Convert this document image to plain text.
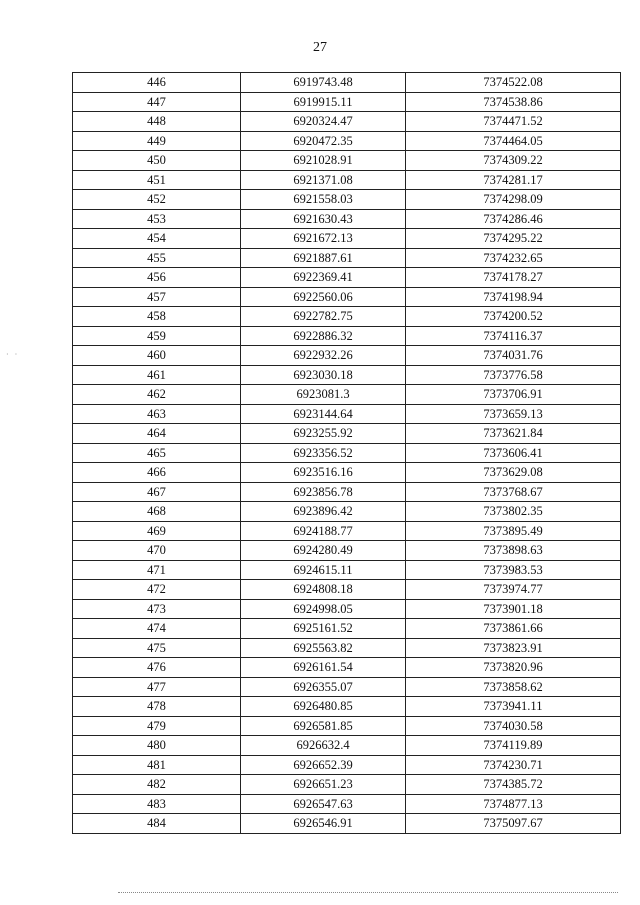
27
446	6919743.48	7374522.08
447	6919915.11	7374538.86
448	6920324.47	7374471.52
449	6920472.35	7374464.05
450	6921028.91	7374309.22
451	6921371.08	7374281.17
452	6921558.03	7374298.09
453	6921630.43	7374286.46
454	6921672.13	7374295.22
455	6921887.61	7374232.65
456	6922369.41	7374178.27
457	6922560.06	7374198.94
458	6922782.75	7374200.52
459	6922886.32	7374116.37
460	6922932.26	7374031.76
461	6923030.18	7373776.58
462	6923081.3	7373706.91
463	6923144.64	7373659.13
464	6923255.92	7373621.84
465	6923356.52	7373606.41
466	6923516.16	7373629.08
467	6923856.78	7373768.67
468	6923896.42	7373802.35
469	6924188.77	7373895.49
470	6924280.49	7373898.63
471	6924615.11	7373983.53
472	6924808.18	7373974.77
473	6924998.05	7373901.18
474	6925161.52	7373861.66
475	6925563.82	7373823.91
476	6926161.54	7373820.96
477	6926355.07	7373858.62
478	6926480.85	7373941.11
479	6926581.85	7374030.58
480	6926632.4	7374119.89
481	6926652.39	7374230.71
482	6926651.23	7374385.72
483	6926547.63	7374877.13
484	6926546.91	7375097.67
· ·
